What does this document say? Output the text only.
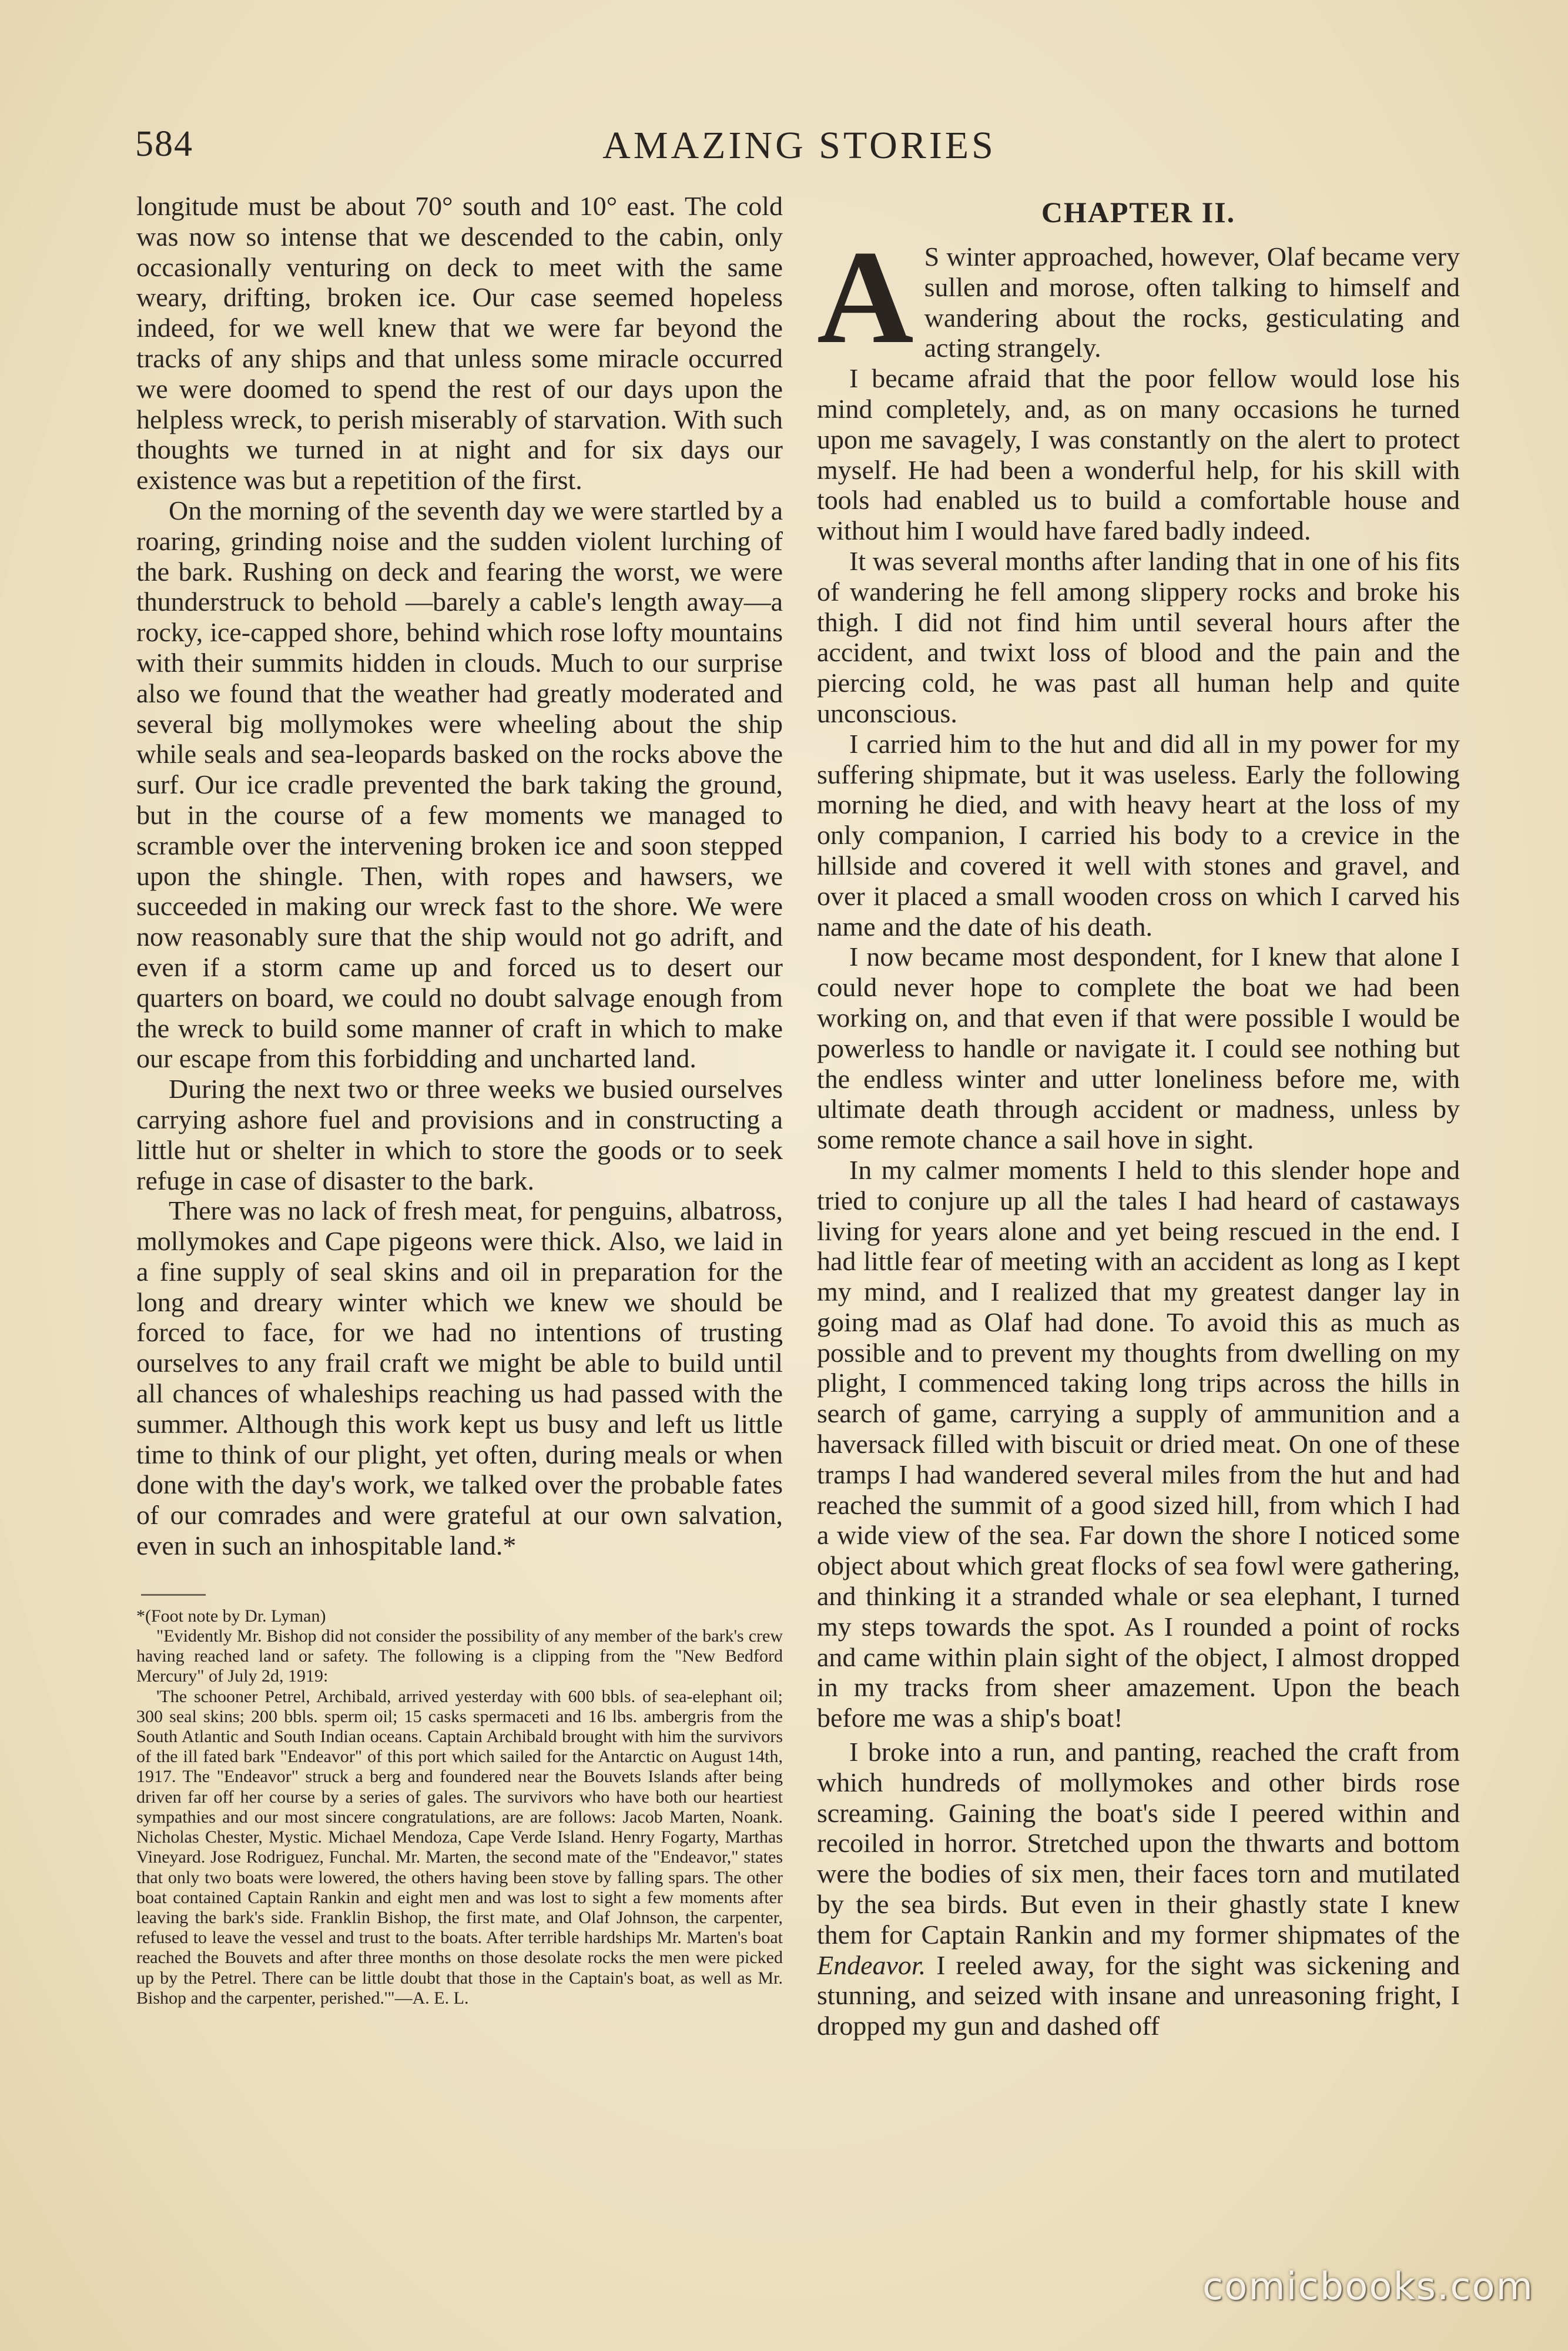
584	AMAZING STORIES

longitude must be about 70° south and 10° east. The cold was now so intense that we descended to the cabin, only occasionally venturing on deck to meet with the same weary, drifting, broken ice. Our case seemed hopeless indeed, for we well knew that we were far beyond the tracks of any ships and that unless some miracle occurred we were doomed to spend the rest of our days upon the helpless wreck, to perish miserably of starvation. With such thoughts we turned in at night and for six days our existence was but a repetition of the first.

On the morning of the seventh day we were startled by a roaring, grinding noise and the sudden violent lurching of the bark. Rushing on deck and fearing the worst, we were thunderstruck to behold —barely a cable's length away—a rocky, ice-capped shore, behind which rose lofty mountains with their summits hidden in clouds. Much to our surprise also we found that the weather had greatly moderated and several big mollymokes were wheeling about the ship while seals and sea-leopards basked on the rocks above the surf. Our ice cradle prevented the bark taking the ground, but in the course of a few moments we managed to scramble over the intervening broken ice and soon stepped upon the shingle. Then, with ropes and hawsers, we succeeded in making our wreck fast to the shore. We were now reasonably sure that the ship would not go adrift, and even if a storm came up and forced us to desert our quarters on board, we could no doubt salvage enough from the wreck to build some manner of craft in which to make our escape from this forbidding and uncharted land.

During the next two or three weeks we busied ourselves carrying ashore fuel and provisions and in constructing a little hut or shelter in which to store the goods or to seek refuge in case of disaster to the bark.

There was no lack of fresh meat, for penguins, albatross, mollymokes and Cape pigeons were thick. Also, we laid in a fine supply of seal skins and oil in preparation for the long and dreary winter which we knew we should be forced to face, for we had no intentions of trusting ourselves to any frail craft we might be able to build until all chances of whaleships reaching us had passed with the summer. Although this work kept us busy and left us little time to think of our plight, yet often, during meals or when done with the day's work, we talked over the probable fates of our comrades and were grateful at our own salvation, even in such an inhospitable land.*

*(Foot note by Dr. Lyman)

"Evidently Mr. Bishop did not consider the possibility of any member of the bark's crew having reached land or safety. The following is a clipping from the "New Bedford Mercury" of July 2d, 1919:

'The schooner Petrel, Archibald, arrived yesterday with 600 bbls. of sea-elephant oil; 300 seal skins; 200 bbls. sperm oil; 15 casks spermaceti and 16 lbs. ambergris from the South Atlantic and South Indian oceans. Captain Archibald brought with him the survivors of the ill fated bark "Endeavor" of this port which sailed for the Antarctic on August 14th, 1917. The "Endeavor" struck a berg and foundered near the Bouvets Islands after being driven far off her course by a series of gales. The survivors who have both our heartiest sympathies and our most sincere congratulations, are are follows: Jacob Marten, Noank. Nicholas Chester, Mystic. Michael Mendoza, Cape Verde Island. Henry Fogarty, Marthas Vineyard. Jose Rodriguez, Funchal. Mr. Marten, the second mate of the "Endeavor," states that only two boats were lowered, the others having been stove by falling spars. The other boat contained Captain Rankin and eight men and was lost to sight a few moments after leaving the bark's side. Franklin Bishop, the first mate, and Olaf Johnson, the carpenter, refused to leave the vessel and trust to the boats. After terrible hardships Mr. Marten's boat reached the Bouvets and after three months on those desolate rocks the men were picked up by the Petrel. There can be little doubt that those in the Captain's boat, as well as Mr. Bishop and the carpenter, perished.'"—A. E. L.

CHAPTER II.

A S winter approached, however, Olaf became very sullen and morose, often talking to himself and wandering about the rocks, gesticulating and acting strangely.

I became afraid that the poor fellow would lose his mind completely, and, as on many occasions he turned upon me savagely, I was constantly on the alert to protect myself. He had been a wonderful help, for his skill with tools had enabled us to build a comfortable house and without him I would have fared badly indeed.

It was several months after landing that in one of his fits of wandering he fell among slippery rocks and broke his thigh. I did not find him until several hours after the accident, and twixt loss of blood and the pain and the piercing cold, he was past all human help and quite unconscious.

I carried him to the hut and did all in my power for my suffering shipmate, but it was useless. Early the following morning he died, and with heavy heart at the loss of my only companion, I carried his body to a crevice in the hillside and covered it well with stones and gravel, and over it placed a small wooden cross on which I carved his name and the date of his death.

I now became most despondent, for I knew that alone I could never hope to complete the boat we had been working on, and that even if that were possible I would be powerless to handle or navigate it. I could see nothing but the endless winter and utter loneliness before me, with ultimate death through accident or madness, unless by some remote chance a sail hove in sight.

In my calmer moments I held to this slender hope and tried to conjure up all the tales I had heard of castaways living for years alone and yet being rescued in the end. I had little fear of meeting with an accident as long as I kept my mind, and I realized that my greatest danger lay in going mad as Olaf had done. To avoid this as much as possible and to prevent my thoughts from dwelling on my plight, I commenced taking long trips across the hills in search of game, carrying a supply of ammunition and a haversack filled with biscuit or dried meat. On one of these tramps I had wandered several miles from the hut and had reached the summit of a good sized hill, from which I had a wide view of the sea. Far down the shore I noticed some object about which great flocks of sea fowl were gathering, and thinking it a stranded whale or sea elephant, I turned my steps towards the spot. As I rounded a point of rocks and came within plain sight of the object, I almost dropped in my tracks from sheer amazement. Upon the beach before me was a ship's boat!

I broke into a run, and panting, reached the craft from which hundreds of mollymokes and other birds rose screaming. Gaining the boat's side I peered within and recoiled in horror. Stretched upon the thwarts and bottom were the bodies of six men, their faces torn and mutilated by the sea birds. But even in their ghastly state I knew them for Captain Rankin and my former shipmates of the Endeavor. I reeled away, for the sight was sickening and stunning, and seized with insane and unreasoning fright, I dropped my gun and dashed off

comicbooks.com
